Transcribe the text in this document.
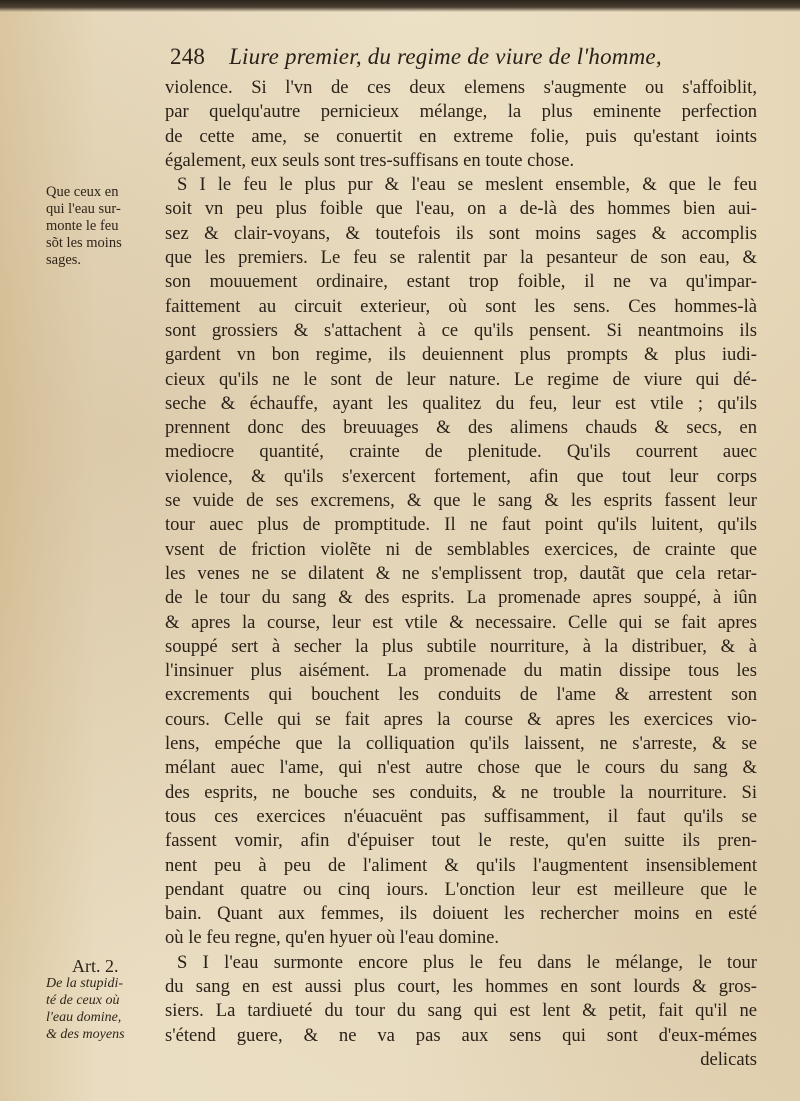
248 Liure premier, du regime de viure de l'homme,
Que ceux en
qui l'eau sur-
monte le feu
sõt les moins
sages.
Art. 2.
De la stupidi-
té de ceux où
l'eau domine,
& des moyens
violence. Si l'vn de ces deux elemens s'augmente ou s'affoiblit,
par quelqu'autre pernicieux mélange, la plus eminente perfection
de cette ame, se conuertit en extreme folie, puis qu'estant ioints
également, eux seuls sont tres-suffisans en toute chose.
S I le feu le plus pur & l'eau se meslent ensemble, & que le feu
soit vn peu plus foible que l'eau, on a de-là des hommes bien aui-
sez & clair-voyans, & toutefois ils sont moins sages & accomplis
que les premiers. Le feu se ralentit par la pesanteur de son eau, &
son mouuement ordinaire, estant trop foible, il ne va qu'impar-
faittement au circuit exterieur, où sont les sens. Ces hommes-là
sont grossiers & s'attachent à ce qu'ils pensent. Si neantmoins ils
gardent vn bon regime, ils deuiennent plus prompts & plus iudi-
cieux qu'ils ne le sont de leur nature. Le regime de viure qui dé-
seche & échauffe, ayant les qualitez du feu, leur est vtile ; qu'ils
prennent donc des breuuages & des alimens chauds & secs, en
mediocre quantité, crainte de plenitude. Qu'ils courrent auec
violence, & qu'ils s'exercent fortement, afin que tout leur corps
se vuide de ses excremens, & que le sang & les esprits fassent leur
tour auec plus de promptitude. Il ne faut point qu'ils luitent, qu'ils
vsent de friction violẽte ni de semblables exercices, de crainte que
les venes ne se dilatent & ne s'emplissent trop, dautãt que cela retar-
de le tour du sang & des esprits. La promenade apres souppé, à iûn
& apres la course, leur est vtile & necessaire. Celle qui se fait apres
souppé sert à secher la plus subtile nourriture, à la distribuer, & à
l'insinuer plus aisément. La promenade du matin dissipe tous les
excrements qui bouchent les conduits de l'ame & arrestent son
cours. Celle qui se fait apres la course & apres les exercices vio-
lens, empéche que la colliquation qu'ils laissent, ne s'arreste, & se
mélant auec l'ame, qui n'est autre chose que le cours du sang &
des esprits, ne bouche ses conduits, & ne trouble la nourriture. Si
tous ces exercices n'éuacuënt pas suffisamment, il faut qu'ils se
fassent vomir, afin d'épuiser tout le reste, qu'en suitte ils pren-
nent peu à peu de l'aliment & qu'ils l'augmentent insensiblement
pendant quatre ou cinq iours. L'onction leur est meilleure que le
bain. Quant aux femmes, ils doiuent les rechercher moins en esté
où le feu regne, qu'en hyuer où l'eau domine.
S I l'eau surmonte encore plus le feu dans le mélange, le tour
du sang en est aussi plus court, les hommes en sont lourds & gros-
siers. La tardiueté du tour du sang qui est lent & petit, fait qu'il ne
s'étend guere, & ne va pas aux sens qui sont d'eux-mémes
delicats
